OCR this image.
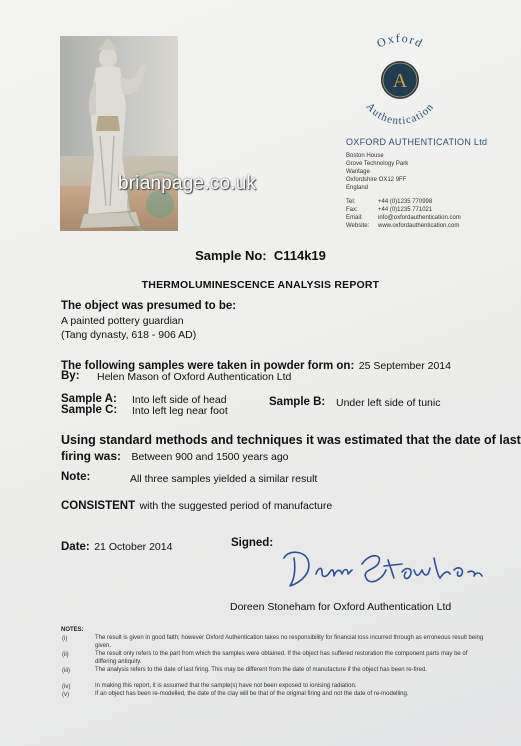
brianpage.co.uk
Oxford
Authentication
A
OXFORD AUTHENTICATION Ltd
Boston House
Grove Technology Park
Wantage
Oxfordshire OX12 9FF
England
Tel:	+44 (0)1235 770998
Fax:	+44 (0)1235 771021
Email:	info@oxfordauthentication.com
Website: www.oxfordauthentication.com
Sample No: C114k19
THERMOLUMINESCENCE ANALYSIS REPORT
The object was presumed to be:
A painted pottery guardian
(Tang dynasty, 618 - 906 AD)
The following samples were taken in powder form on: 25 September 2014
By: Helen Mason of Oxford Authentication Ltd
Sample A: Into left side of head	Sample B: Under left side of tunic
Sample C: Into left leg near foot
Using standard methods and techniques it was estimated that the date of last
firing was: Between 900 and 1500 years ago
Note:	All three samples yielded a similar result
CONSISTENT with the suggested period of manufacture
Date: 21 October 2014	Signed:
Doreen Stoneham for Oxford Authentication Ltd
NOTES:
(i)	The result is given in good faith; however Oxford Authentication takes no responsibility for financial loss incurred through as erroneous result being given.
(ii)	The result only refers to the part from which the samples were obtained. If the object has suffered restoration the component parts may be of differing antiquity.
(iii)	The analysis refers to the date of last firing. This may be different from the date of manufacture if the object has been re-fired.
(iv)	In making this report, it is assumed that the sample(s) have not been exposed to ionising radiation.
(v)	If an object has been re-modelled, the date of the clay will be that of the original firing and not the date of re-modelling.
